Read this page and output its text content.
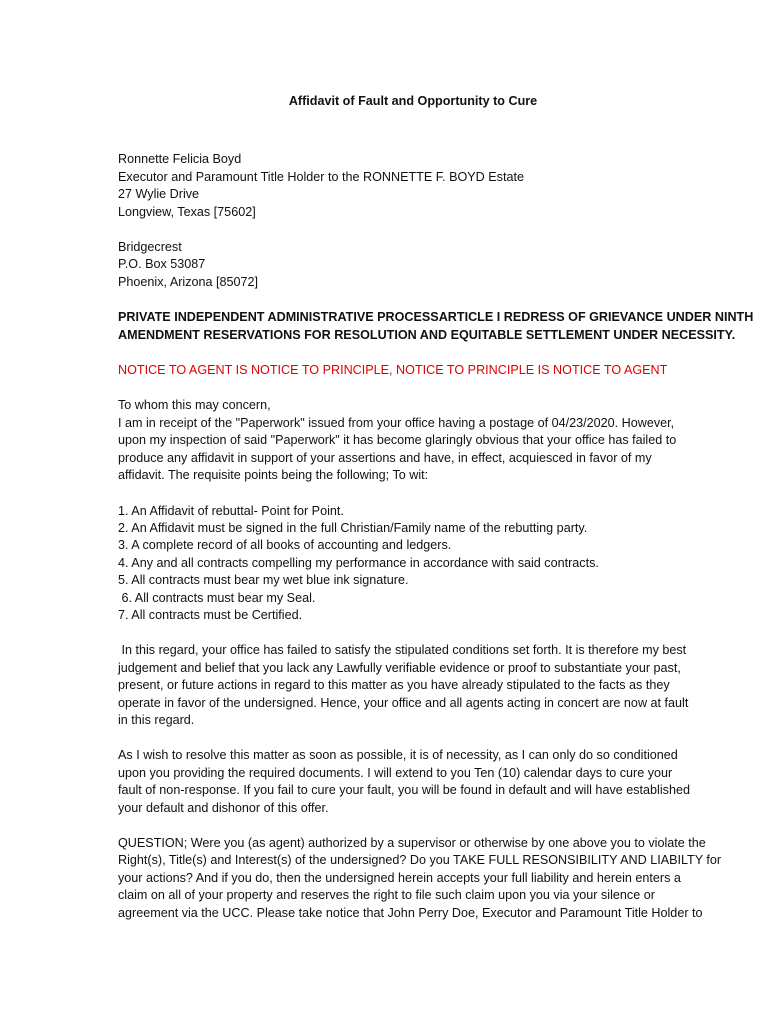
Affidavit of Fault and Opportunity to Cure
Ronnette Felicia Boyd
Executor and Paramount Title Holder to the RONNETTE F. BOYD Estate
27 Wylie Drive
Longview, Texas [75602]
Bridgecrest
P.O. Box 53087
Phoenix, Arizona [85072]
PRIVATE INDEPENDENT ADMINISTRATIVE PROCESSARTICLE I REDRESS OF GRIEVANCE UNDER NINTH
AMENDMENT RESERVATIONS FOR RESOLUTION AND EQUITABLE SETTLEMENT UNDER NECESSITY.
NOTICE TO AGENT IS NOTICE TO PRINCIPLE, NOTICE TO PRINCIPLE IS NOTICE TO AGENT
To whom this may concern,
I am in receipt of the "Paperwork" issued from your office having a postage of 04/23/2020. However,
upon my inspection of said "Paperwork" it has become glaringly obvious that your office has failed to
produce any affidavit in support of your assertions and have, in effect, acquiesced in favor of my
affidavit. The requisite points being the following; To wit:
1. An Affidavit of rebuttal- Point for Point.
2. An Affidavit must be signed in the full Christian/Family name of the rebutting party.
3. A complete record of all books of accounting and ledgers.
4. Any and all contracts compelling my performance in accordance with said contracts.
5. All contracts must bear my wet blue ink signature.
6. All contracts must bear my Seal.
7. All contracts must be Certified.
In this regard, your office has failed to satisfy the stipulated conditions set forth. It is therefore my best
judgement and belief that you lack any Lawfully verifiable evidence or proof to substantiate your past,
present, or future actions in regard to this matter as you have already stipulated to the facts as they
operate in favor of the undersigned. Hence, your office and all agents acting in concert are now at fault
in this regard.
As I wish to resolve this matter as soon as possible, it is of necessity, as I can only do so conditioned
upon you providing the required documents. I will extend to you Ten (10) calendar days to cure your
fault of non-response. If you fail to cure your fault, you will be found in default and will have established
your default and dishonor of this offer.
QUESTION; Were you (as agent) authorized by a supervisor or otherwise by one above you to violate the
Right(s), Title(s) and Interest(s) of the undersigned? Do you TAKE FULL RESONSIBILITY AND LIABILTY for
your actions? And if you do, then the undersigned herein accepts your full liability and herein enters a
claim on all of your property and reserves the right to file such claim upon you via your silence or
agreement via the UCC. Please take notice that John Perry Doe, Executor and Paramount Title Holder to
